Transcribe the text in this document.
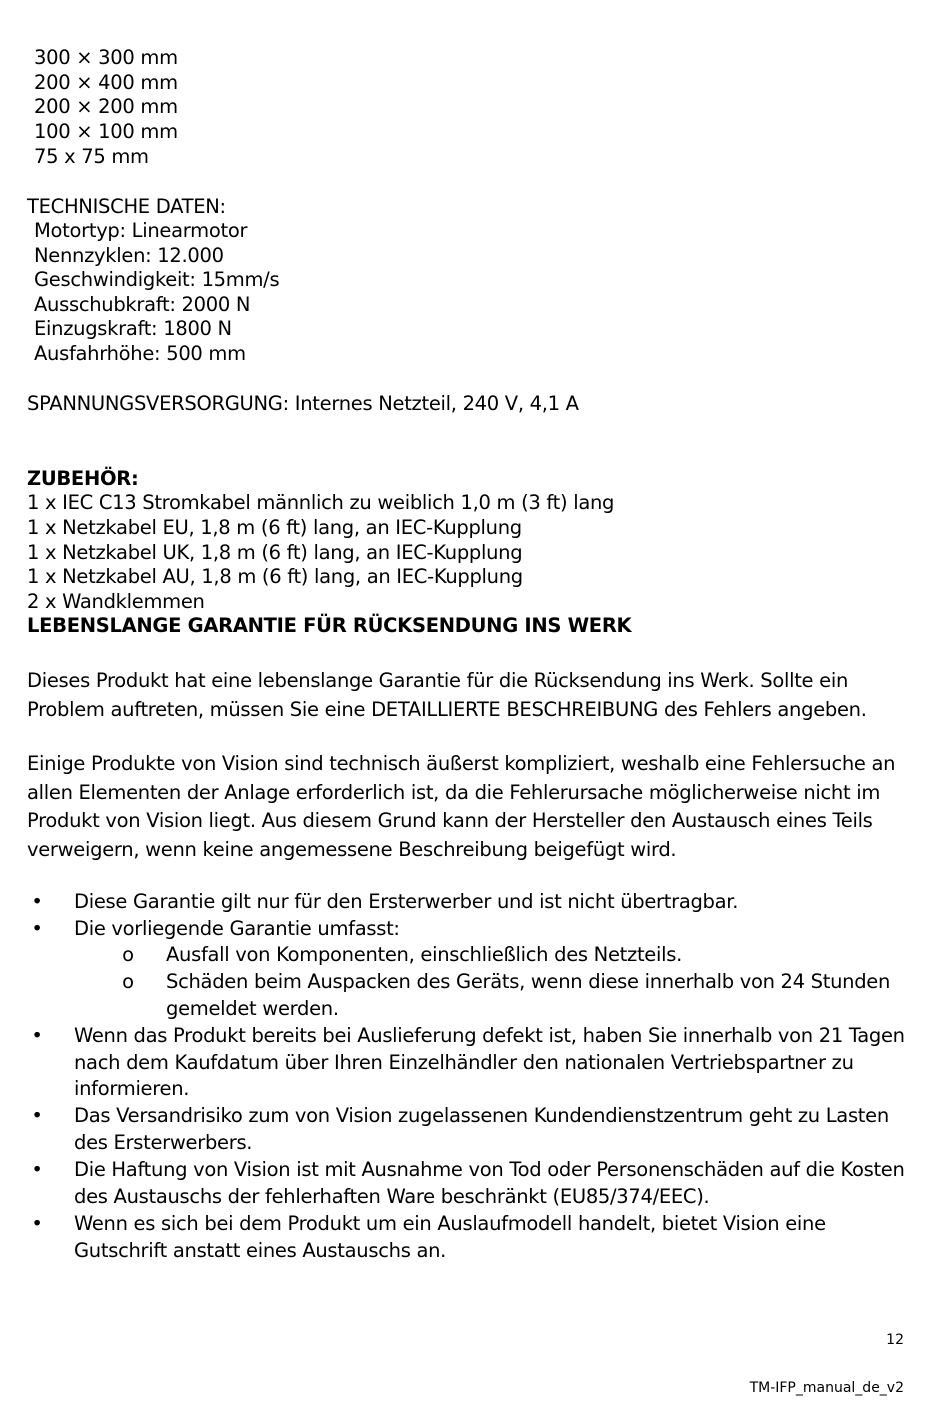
300 × 300 mm
200 × 400 mm
200 × 200 mm
100 × 100 mm
75 x 75 mm
TECHNISCHE DATEN:
Motortyp: Linearmotor
Nennzyklen: 12.000
Geschwindigkeit: 15mm/s
Ausschubkraft: 2000 N
Einzugskraft: 1800 N
Ausfahrhöhe: 500 mm
SPANNUNGSVERSORGUNG: Internes Netzteil, 240 V, 4,1 A
ZUBEHÖR:
1 x IEC C13 Stromkabel männlich zu weiblich 1,0 m (3 ft) lang
1 x Netzkabel EU, 1,8 m (6 ft) lang, an IEC-Kupplung
1 x Netzkabel UK, 1,8 m (6 ft) lang, an IEC-Kupplung
1 x Netzkabel AU, 1,8 m (6 ft) lang, an IEC-Kupplung
2 x Wandklemmen
LEBENSLANGE GARANTIE FÜR RÜCKSENDUNG INS WERK
Dieses Produkt hat eine lebenslange Garantie für die Rücksendung ins Werk. Sollte ein Problem auftreten, müssen Sie eine DETAILLIERTE BESCHREIBUNG des Fehlers angeben.
Einige Produkte von Vision sind technisch äußerst kompliziert, weshalb eine Fehlersuche an allen Elementen der Anlage erforderlich ist, da die Fehlerursache möglicherweise nicht im Produkt von Vision liegt. Aus diesem Grund kann der Hersteller den Austausch eines Teils verweigern, wenn keine angemessene Beschreibung beigefügt wird.
• Diese Garantie gilt nur für den Ersterwerber und ist nicht übertragbar.
• Die vorliegende Garantie umfasst:
o Ausfall von Komponenten, einschließlich des Netzteils.
o Schäden beim Auspacken des Geräts, wenn diese innerhalb von 24 Stunden gemeldet werden.
• Wenn das Produkt bereits bei Auslieferung defekt ist, haben Sie innerhalb von 21 Tagen nach dem Kaufdatum über Ihren Einzelhändler den nationalen Vertriebspartner zu informieren.
• Das Versandrisiko zum von Vision zugelassenen Kundendienstzentrum geht zu Lasten des Ersterwerbers.
• Die Haftung von Vision ist mit Ausnahme von Tod oder Personenschäden auf die Kosten des Austauschs der fehlerhaften Ware beschränkt (EU85/374/EEC).
• Wenn es sich bei dem Produkt um ein Auslaufmodell handelt, bietet Vision eine Gutschrift anstatt eines Austauschs an.
12
TM-IFP_manual_de_v2
